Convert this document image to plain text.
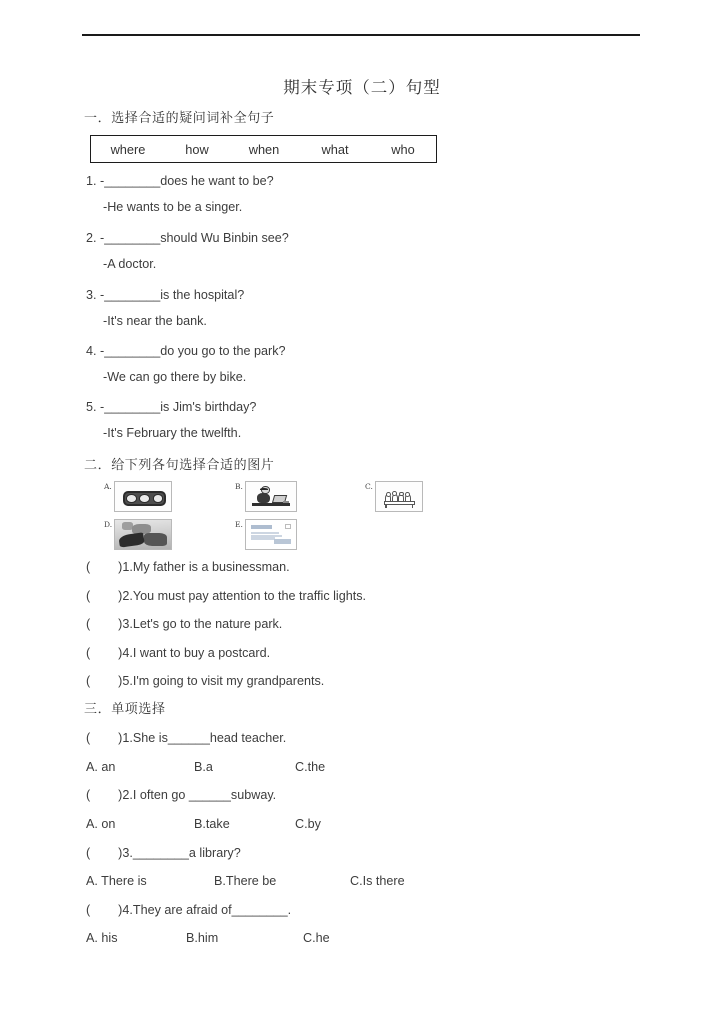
期末专项（二）句型
一．选择合适的疑问词补全句子
where	how	when	what	who
1. -________does he want to be?
-He wants to be a singer.
2. -________should Wu Binbin see?
-A doctor.
3. -________is the hospital?
-It's near the bank.
4. -________do you go to the park?
-We can go there by bike.
5. -________is Jim's birthday?
-It's February the twelfth.
二．给下列各句选择合适的图片
A.	B.	C.
D.	E.
(        )1.My father is a businessman.
(        )2.You must pay attention to the traffic lights.
(        )3.Let's go to the nature park.
(        )4.I want to buy a postcard.
(        )5.I'm going to visit my grandparents.
三．单项选择
(        )1.She is______head teacher.
A. an	B.a	C.the
(        )2.I often go ______subway.
A. on	B.take	C.by
(        )3.________a library?
A. There is	B.There be	C.Is there
(        )4.They are afraid of________.
A. his	B.him	C.he
